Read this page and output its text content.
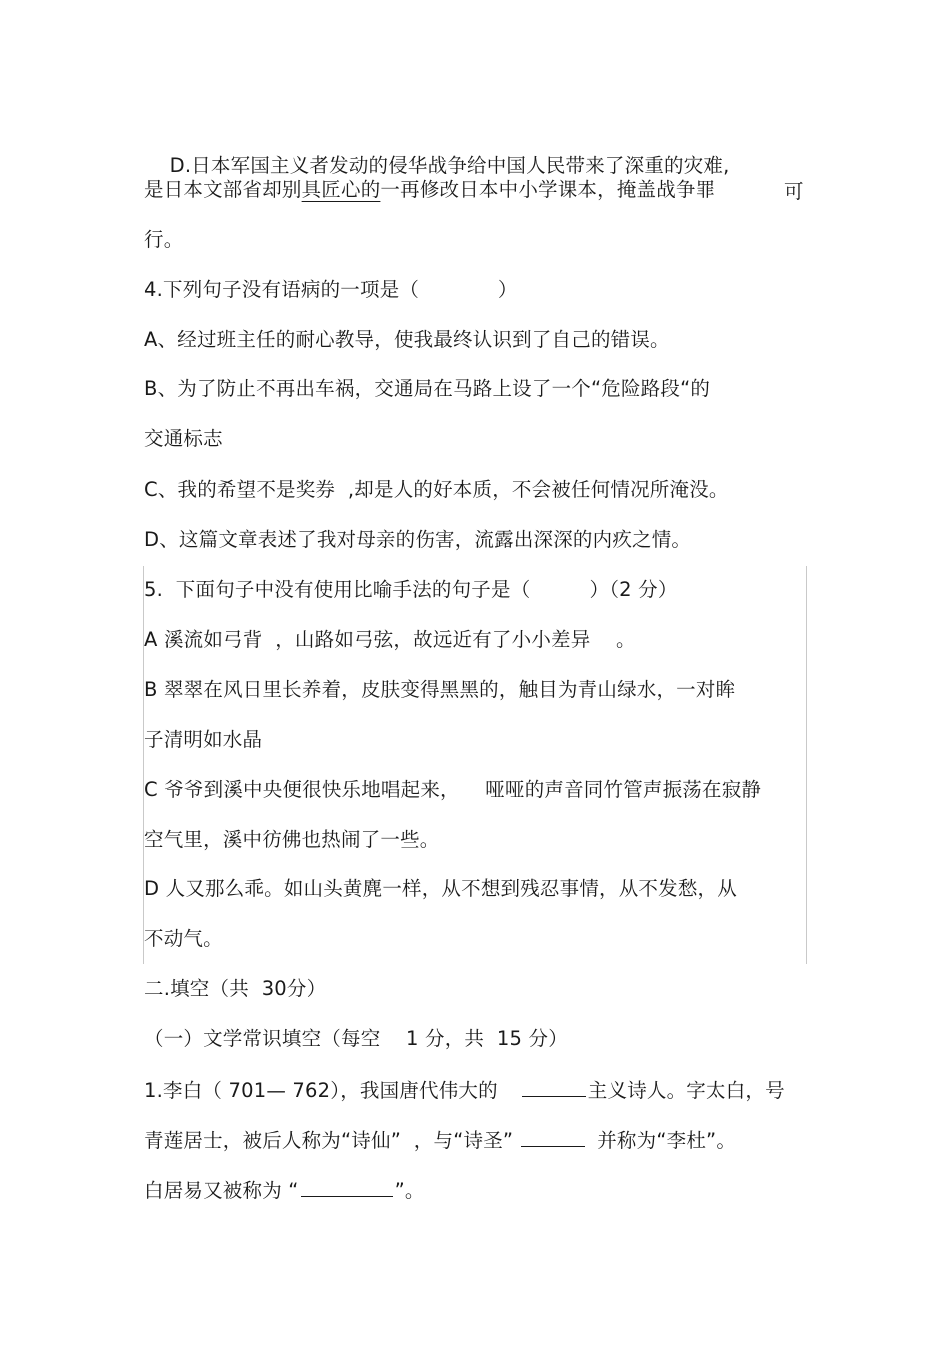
D.日本军国主义者发动的侵华战争给中国人民带来了深重的灾难,

可

是日本文部省却别具匠心的一再修改日本中小学课本，掩盖战争罪
行。
4.下列句子没有语病的一项是（　　　　）
A、经过班主任的耐心教导，使我最终认识到了自己的错误。
B、为了防止不再出车祸，交通局在马路上设了一个“危险路段“的
交通标志
C、我的希望不是奖券  ,却是人的好本质，不会被任何情况所淹没。
D、这篇文章表述了我对母亲的伤害，流露出深深的内疚之情。
5.  下面句子中没有使用比喻手法的句子是（　　　）（2 分）
A 溪流如弓背  ，山路如弓弦，故远近有了小小差异    。
B 翠翠在风日里长养着，皮肤变得黑黑的，触目为青山绿水，一对眸
子清明如水晶
C 爷爷到溪中央便很快乐地唱起来，    哑哑的声音同竹管声振荡在寂静
空气里，溪中彷佛也热闹了一些。
D 人又那么乖。如山头黄麂一样，从不想到残忍事情，从不发愁，从
不动气。
二.填空（共  30分）
（一）文学常识填空（每空    1 分，共  15 分）
1.李白（ 701— 762），我国唐代伟大的	主义诗人。字太白，号
青莲居士，被后人称为“诗仙”  ，与“诗圣”	并称为“李杜”。
白居易又被称为 “	”。
